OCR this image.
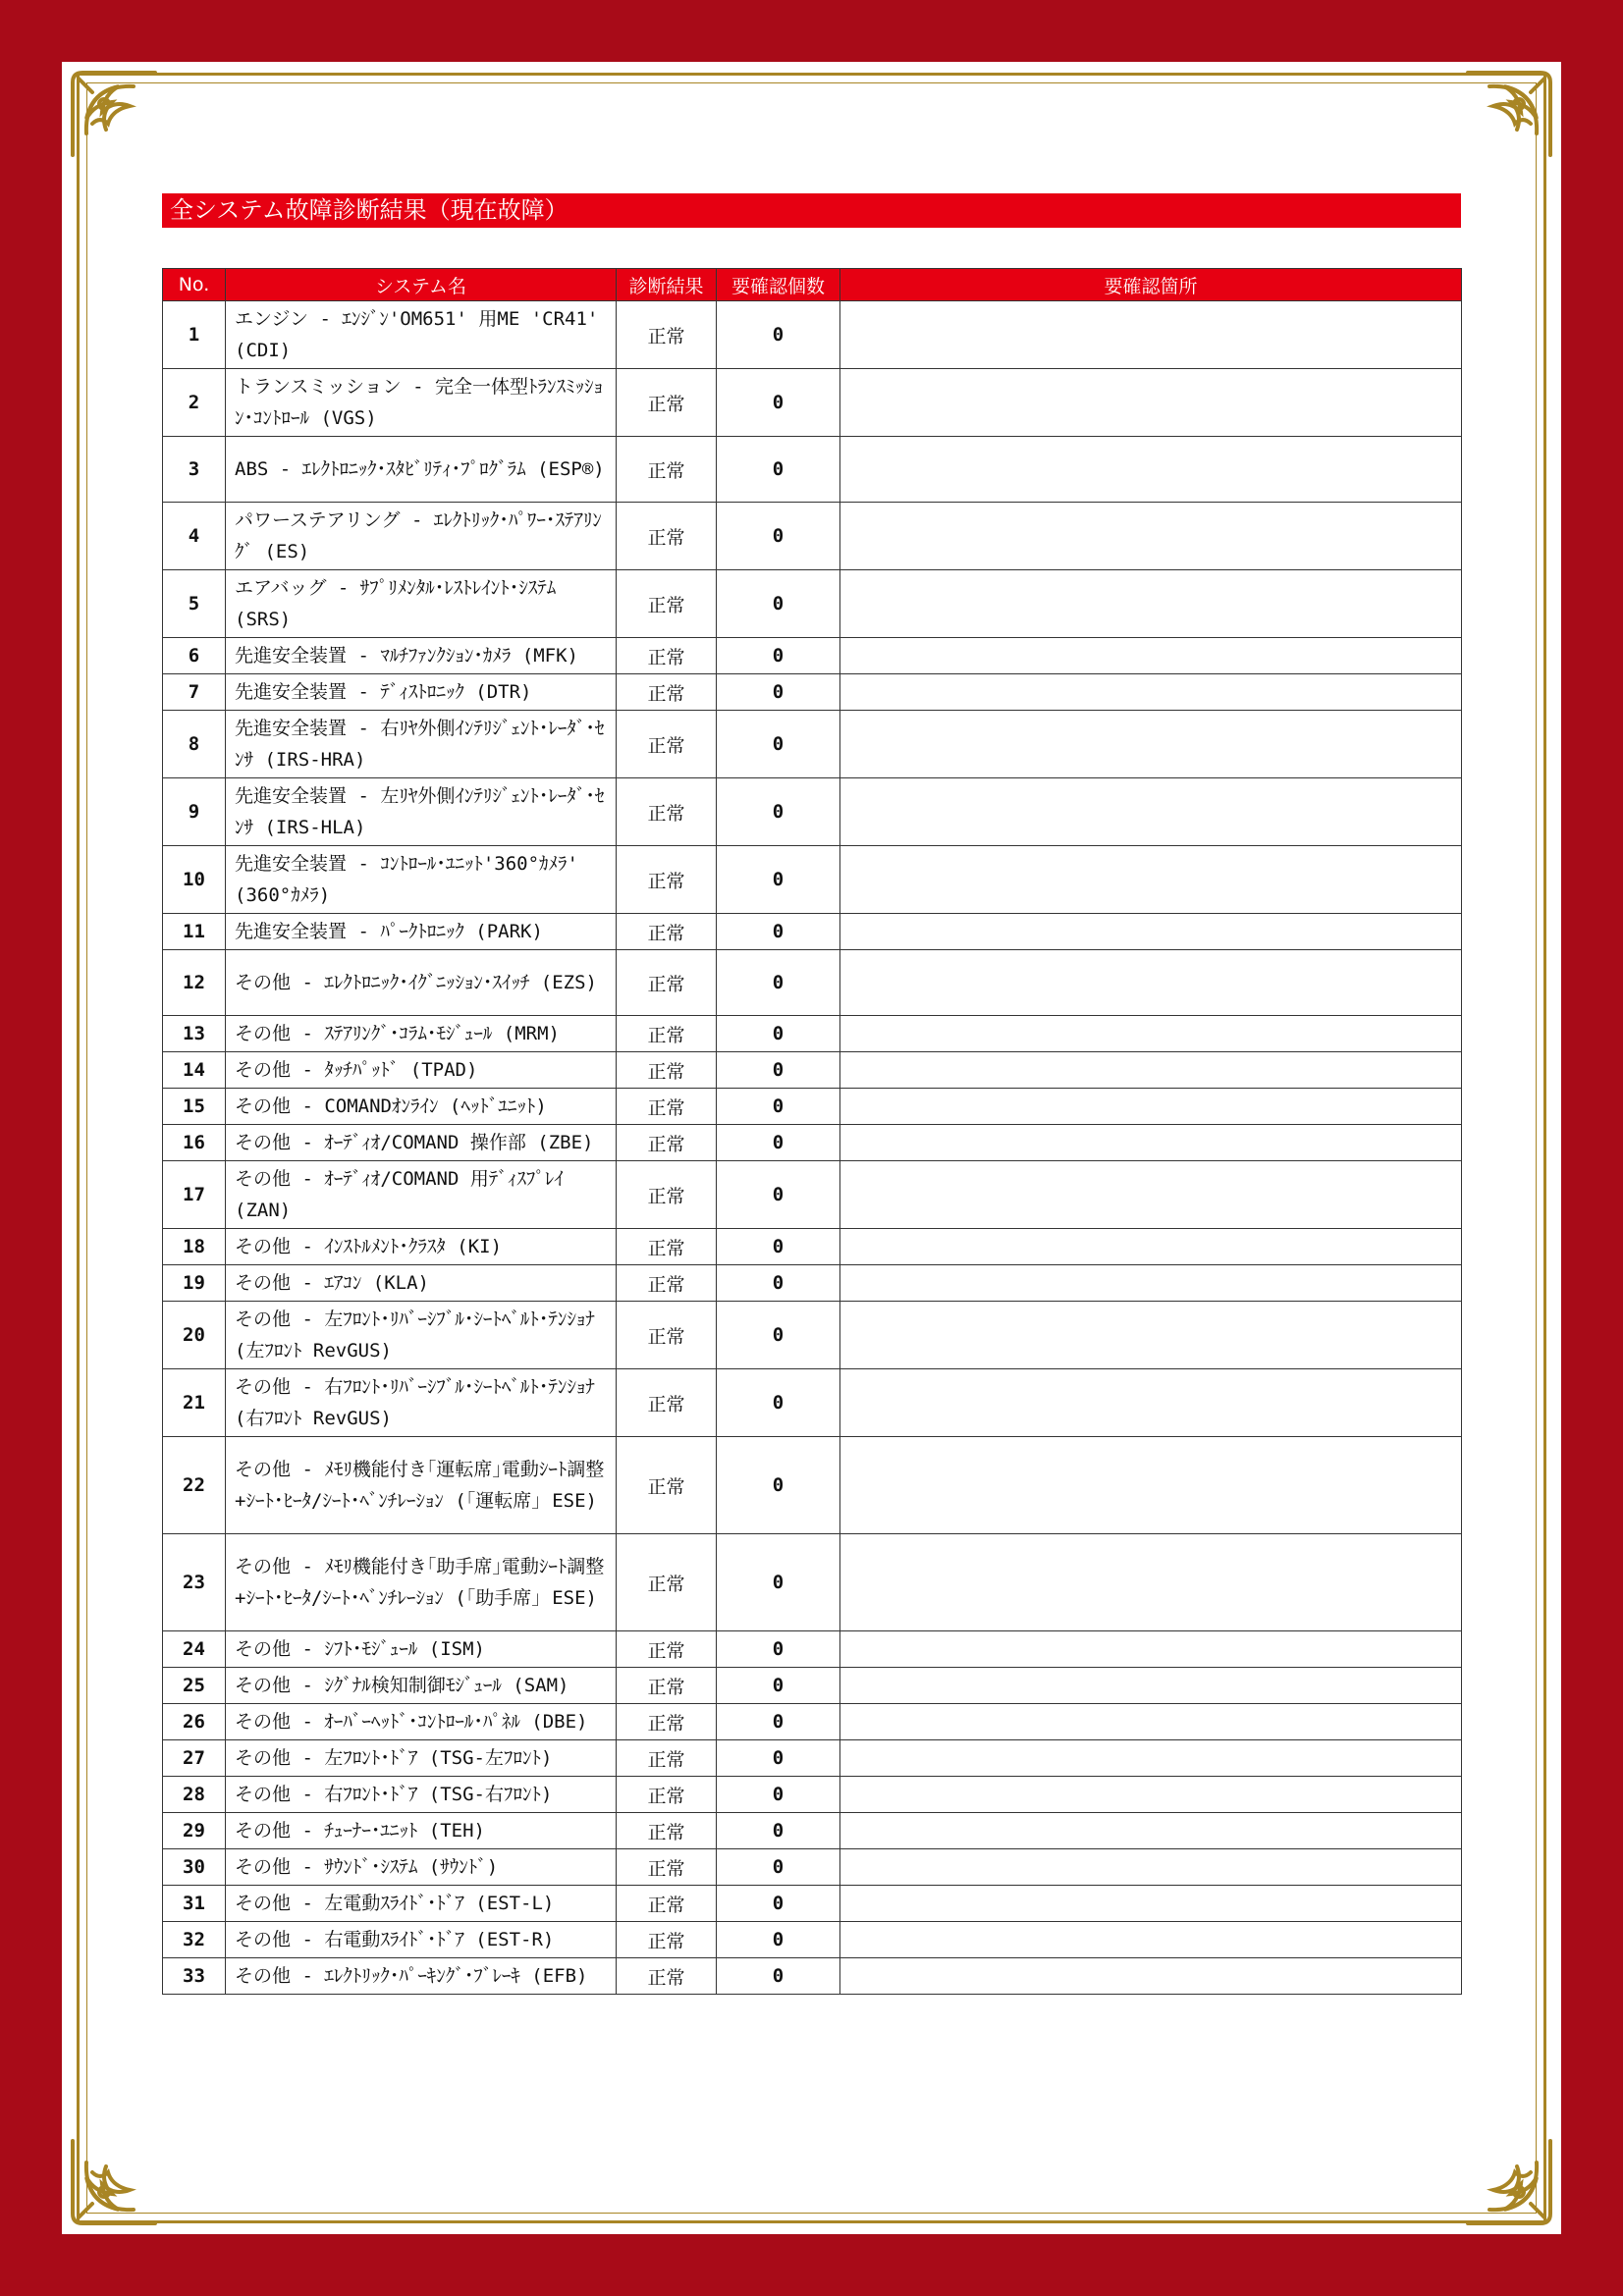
全システム故障診断結果（現在故障）
No.	システム名	診断結果	要確認個数	要確認箇所
1	エンジン - ｴﾝｼﾞﾝ'OM651' 用ME 'CR41' (CDI)	正常	0	
2	トランスミッション - 完全一体型ﾄﾗﾝｽﾐｯｼｮﾝ･ｺﾝﾄﾛｰﾙ (VGS)	正常	0	
3	ABS - ｴﾚｸﾄﾛﾆｯｸ･ｽﾀﾋﾞﾘﾃｨ･ﾌﾟﾛｸﾞﾗﾑ (ESP®)	正常	0	
4	パワーステアリング - ｴﾚｸﾄﾘｯｸ･ﾊﾟﾜｰ･ｽﾃｱﾘﾝｸﾞ (ES)	正常	0	
5	エアバッグ - ｻﾌﾟﾘﾒﾝﾀﾙ･ﾚｽﾄﾚｲﾝﾄ･ｼｽﾃﾑ (SRS)	正常	0	
6	先進安全装置 - ﾏﾙﾁﾌｧﾝｸｼｮﾝ･ｶﾒﾗ (MFK)	正常	0	
7	先進安全装置 - ﾃﾞｨｽﾄﾛﾆｯｸ (DTR)	正常	0	
8	先進安全装置 - 右ﾘﾔ外側ｲﾝﾃﾘｼﾞｪﾝﾄ･ﾚｰﾀﾞ･ｾﾝｻ (IRS-HRA)	正常	0	
9	先進安全装置 - 左ﾘﾔ外側ｲﾝﾃﾘｼﾞｪﾝﾄ･ﾚｰﾀﾞ･ｾﾝｻ (IRS-HLA)	正常	0	
10	先進安全装置 - ｺﾝﾄﾛｰﾙ･ﾕﾆｯﾄ'360°ｶﾒﾗ' (360°ｶﾒﾗ)	正常	0	
11	先進安全装置 - ﾊﾟｰｸﾄﾛﾆｯｸ (PARK)	正常	0	
12	その他 - ｴﾚｸﾄﾛﾆｯｸ･ｲｸﾞﾆｯｼｮﾝ･ｽｲｯﾁ (EZS)	正常	0	
13	その他 - ｽﾃｱﾘﾝｸﾞ･ｺﾗﾑ･ﾓｼﾞｭｰﾙ (MRM)	正常	0	
14	その他 - ﾀｯﾁﾊﾟｯﾄﾞ (TPAD)	正常	0	
15	その他 - COMANDｵﾝﾗｲﾝ (ﾍｯﾄﾞﾕﾆｯﾄ)	正常	0	
16	その他 - ｵｰﾃﾞｨｵ/COMAND 操作部 (ZBE)	正常	0	
17	その他 - ｵｰﾃﾞｨｵ/COMAND 用ﾃﾞｨｽﾌﾟﾚｲ (ZAN)	正常	0	
18	その他 - ｲﾝｽﾄﾙﾒﾝﾄ･ｸﾗｽﾀ (KI)	正常	0	
19	その他 - ｴｱｺﾝ (KLA)	正常	0	
20	その他 - 左ﾌﾛﾝﾄ･ﾘﾊﾞｰｼﾌﾞﾙ･ｼｰﾄﾍﾞﾙﾄ･ﾃﾝｼｮﾅ (左ﾌﾛﾝﾄ RevGUS)	正常	0	
21	その他 - 右ﾌﾛﾝﾄ･ﾘﾊﾞｰｼﾌﾞﾙ･ｼｰﾄﾍﾞﾙﾄ･ﾃﾝｼｮﾅ (右ﾌﾛﾝﾄ RevGUS)	正常	0	
22	その他 - ﾒﾓﾘ機能付き｢運転席｣電動ｼｰﾄ調整+ｼｰﾄ･ﾋｰﾀ/ｼｰﾄ･ﾍﾞﾝﾁﾚｰｼｮﾝ (｢運転席｣ ESE)	正常	0	
23	その他 - ﾒﾓﾘ機能付き｢助手席｣電動ｼｰﾄ調整+ｼｰﾄ･ﾋｰﾀ/ｼｰﾄ･ﾍﾞﾝﾁﾚｰｼｮﾝ (｢助手席｣ ESE)	正常	0	
24	その他 - ｼﾌﾄ･ﾓｼﾞｭｰﾙ (ISM)	正常	0	
25	その他 - ｼｸﾞﾅﾙ検知制御ﾓｼﾞｭｰﾙ (SAM)	正常	0	
26	その他 - ｵｰﾊﾞｰﾍｯﾄﾞ･ｺﾝﾄﾛｰﾙ･ﾊﾟﾈﾙ (DBE)	正常	0	
27	その他 - 左ﾌﾛﾝﾄ･ﾄﾞｱ (TSG-左ﾌﾛﾝﾄ)	正常	0	
28	その他 - 右ﾌﾛﾝﾄ･ﾄﾞｱ (TSG-右ﾌﾛﾝﾄ)	正常	0	
29	その他 - ﾁｭｰﾅｰ･ﾕﾆｯﾄ (TEH)	正常	0	
30	その他 - ｻｳﾝﾄﾞ･ｼｽﾃﾑ (ｻｳﾝﾄﾞ)	正常	0	
31	その他 - 左電動ｽﾗｲﾄﾞ･ﾄﾞｱ (EST-L)	正常	0	
32	その他 - 右電動ｽﾗｲﾄﾞ･ﾄﾞｱ (EST-R)	正常	0	
33	その他 - ｴﾚｸﾄﾘｯｸ･ﾊﾟｰｷﾝｸﾞ･ﾌﾞﾚｰｷ (EFB)	正常	0	
